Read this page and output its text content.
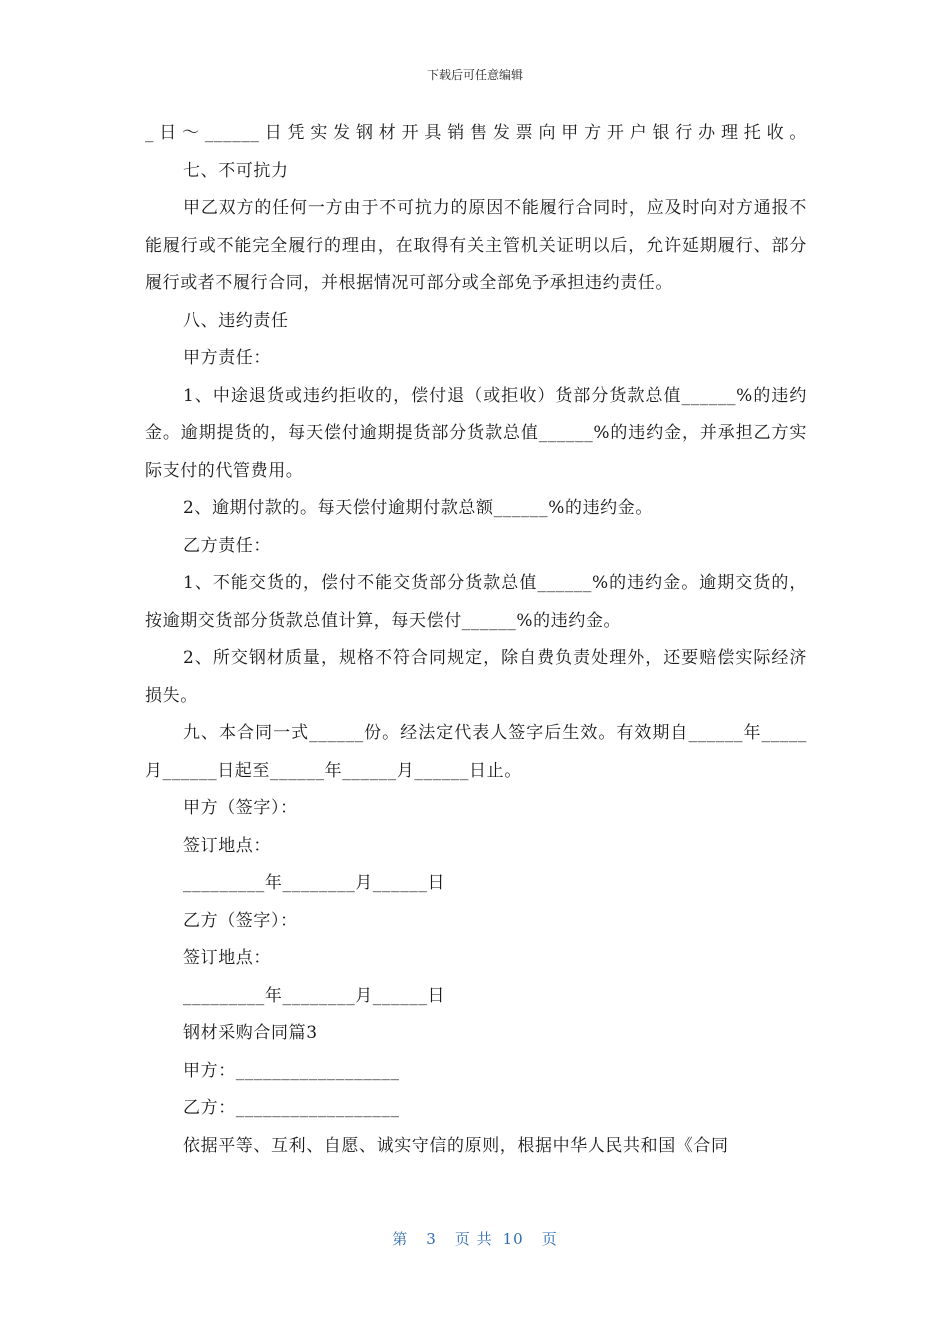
下载后可任意编辑

_日～______日凭实发钢材开具销售发票向甲方开户银行办理托收。

七、不可抗力

甲乙双方的任何一方由于不可抗力的原因不能履行合同时，应及时向对方通报不能履行或不能完全履行的理由，在取得有关主管机关证明以后，允许延期履行、部分履行或者不履行合同，并根据情况可部分或全部免予承担违约责任。

八、违约责任

甲方责任：

1、中途退货或违约拒收的，偿付退（或拒收）货部分货款总值______%的违约金。逾期提货的，每天偿付逾期提货部分货款总值______%的违约金，并承担乙方实际支付的代管费用。

2、逾期付款的。每天偿付逾期付款总额______%的违约金。

乙方责任：

1、不能交货的，偿付不能交货部分货款总值______%的违约金。逾期交货的，按逾期交货部分货款总值计算，每天偿付______%的违约金。

2、所交钢材质量，规格不符合同规定，除自费负责处理外，还要赔偿实际经济损失。

九、本合同一式______份。经法定代表人签字后生效。有效期自______年_____月______日起至______年______月______日止。

甲方（签字）：

签订地点：

_________年________月______日

乙方（签字）：

签订地点：

_________年________月______日

钢材采购合同篇3

甲方：__________________

乙方：__________________

依据平等、互利、自愿、诚实守信的原则，根据中华人民共和国《合同

第 3 页 共 10 页
